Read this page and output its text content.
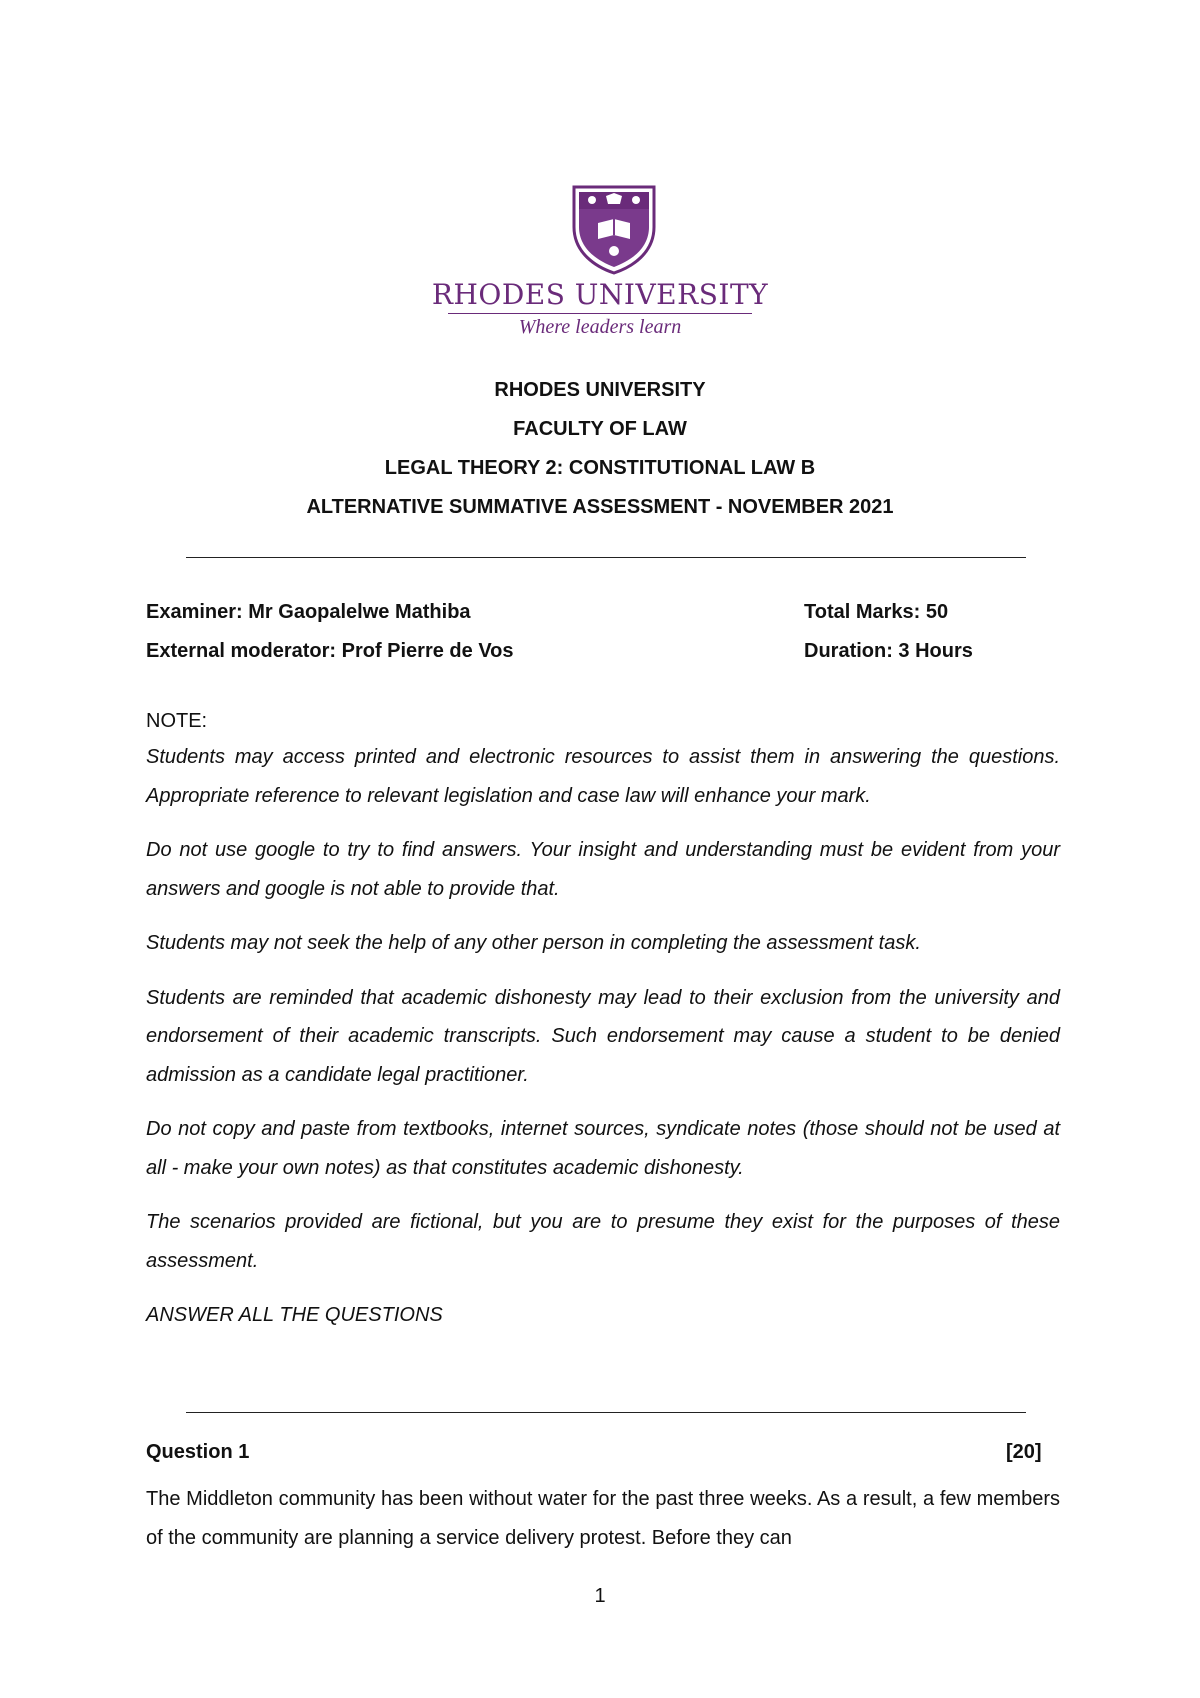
RHODES UNIVERSITY
Where leaders learn
RHODES UNIVERSITY
FACULTY OF LAW
LEGAL THEORY 2: CONSTITUTIONAL LAW B
ALTERNATIVE SUMMATIVE ASSESSMENT - NOVEMBER 2021
Examiner: Mr Gaopalelwe Mathiba	Total Marks: 50
External moderator: Prof Pierre de Vos	Duration: 3 Hours
NOTE:

Students may access printed and electronic resources to assist them in answering the questions. Appropriate reference to relevant legislation and case law will enhance your mark.

Do not use google to try to find answers. Your insight and understanding must be evident from your answers and google is not able to provide that.

Students may not seek the help of any other person in completing the assessment task.

Students are reminded that academic dishonesty may lead to their exclusion from the university and endorsement of their academic transcripts. Such endorsement may cause a student to be denied admission as a candidate legal practitioner.

Do not copy and paste from textbooks, internet sources, syndicate notes (those should not be used at all - make your own notes) as that constitutes academic dishonesty.

The scenarios provided are fictional, but you are to presume they exist for the purposes of these assessment.

ANSWER ALL THE QUESTIONS

Question 1	[20]

The Middleton community has been without water for the past three weeks. As a result, a few members of the community are planning a service delivery protest. Before they can

1
